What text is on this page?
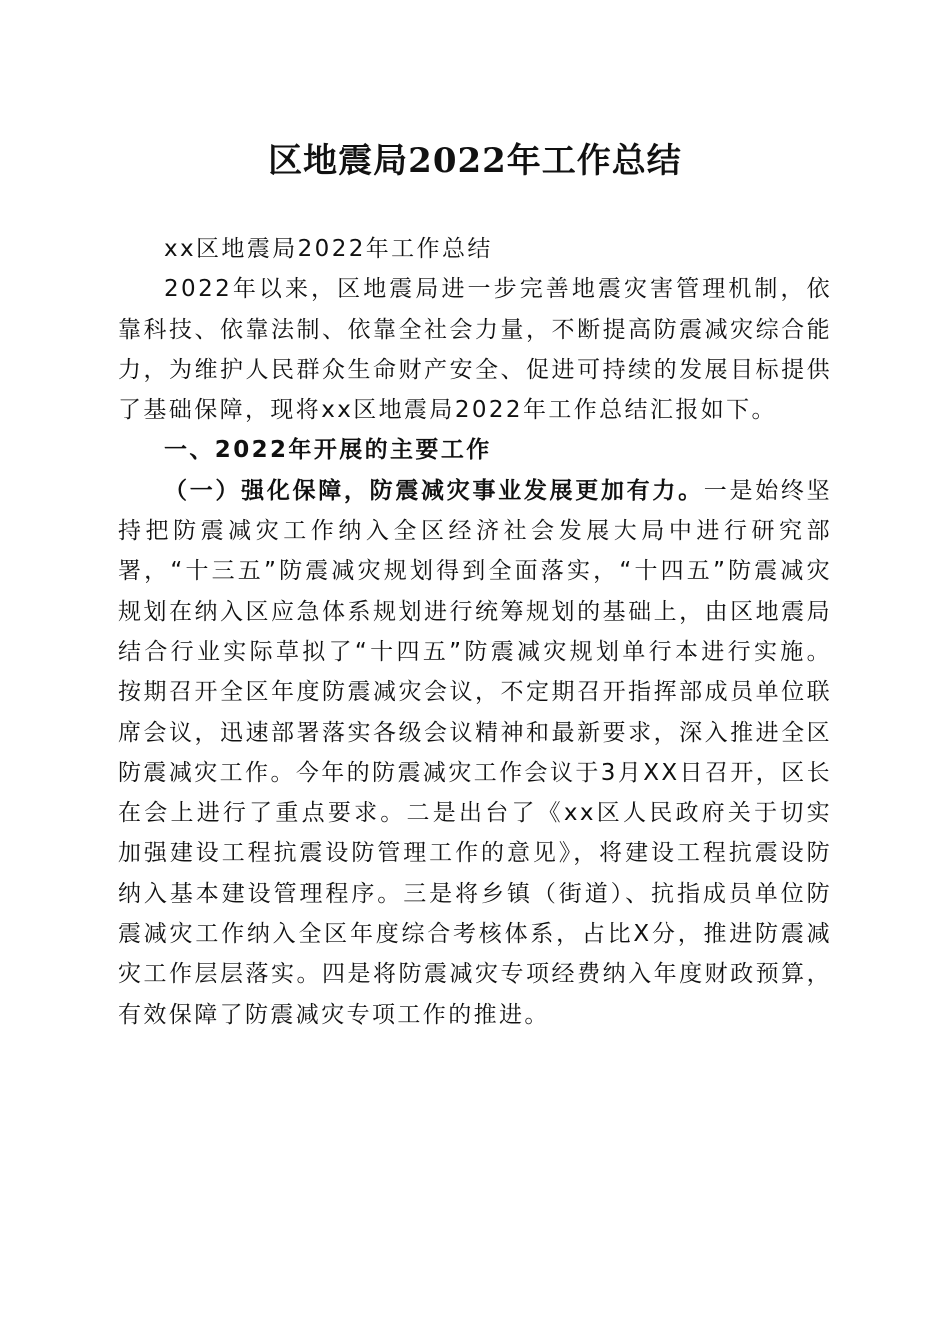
区地震局2022年工作总结

xx区地震局2022年工作总结

2022年以来，区地震局进一步完善地震灾害管理机制，依靠科技、依靠法制、依靠全社会力量，不断提高防震减灾综合能力，为维护人民群众生命财产安全、促进可持续的发展目标提供了基础保障，现将xx区地震局2022年工作总结汇报如下。

一、2022年开展的主要工作

（一）强化保障，防震减灾事业发展更加有力。一是始终坚持把防震减灾工作纳入全区经济社会发展大局中进行研究部署，“十三五”防震减灾规划得到全面落实，“十四五”防震减灾规划在纳入区应急体系规划进行统筹规划的基础上，由区地震局结合行业实际草拟了“十四五”防震减灾规划单行本进行实施。按期召开全区年度防震减灾会议，不定期召开指挥部成员单位联席会议，迅速部署落实各级会议精神和最新要求，深入推进全区防震减灾工作。今年的防震减灾工作会议于3月XX日召开，区长在会上进行了重点要求。二是出台了《xx区人民政府关于切实加强建设工程抗震设防管理工作的意见》，将建设工程抗震设防纳入基本建设管理程序。三是将乡镇（街道）、抗指成员单位防震减灾工作纳入全区年度综合考核体系，占比X分，推进防震减灾工作层层落实。四是将防震减灾专项经费纳入年度财政预算，有效保障了防震减灾专项工作的推进。
